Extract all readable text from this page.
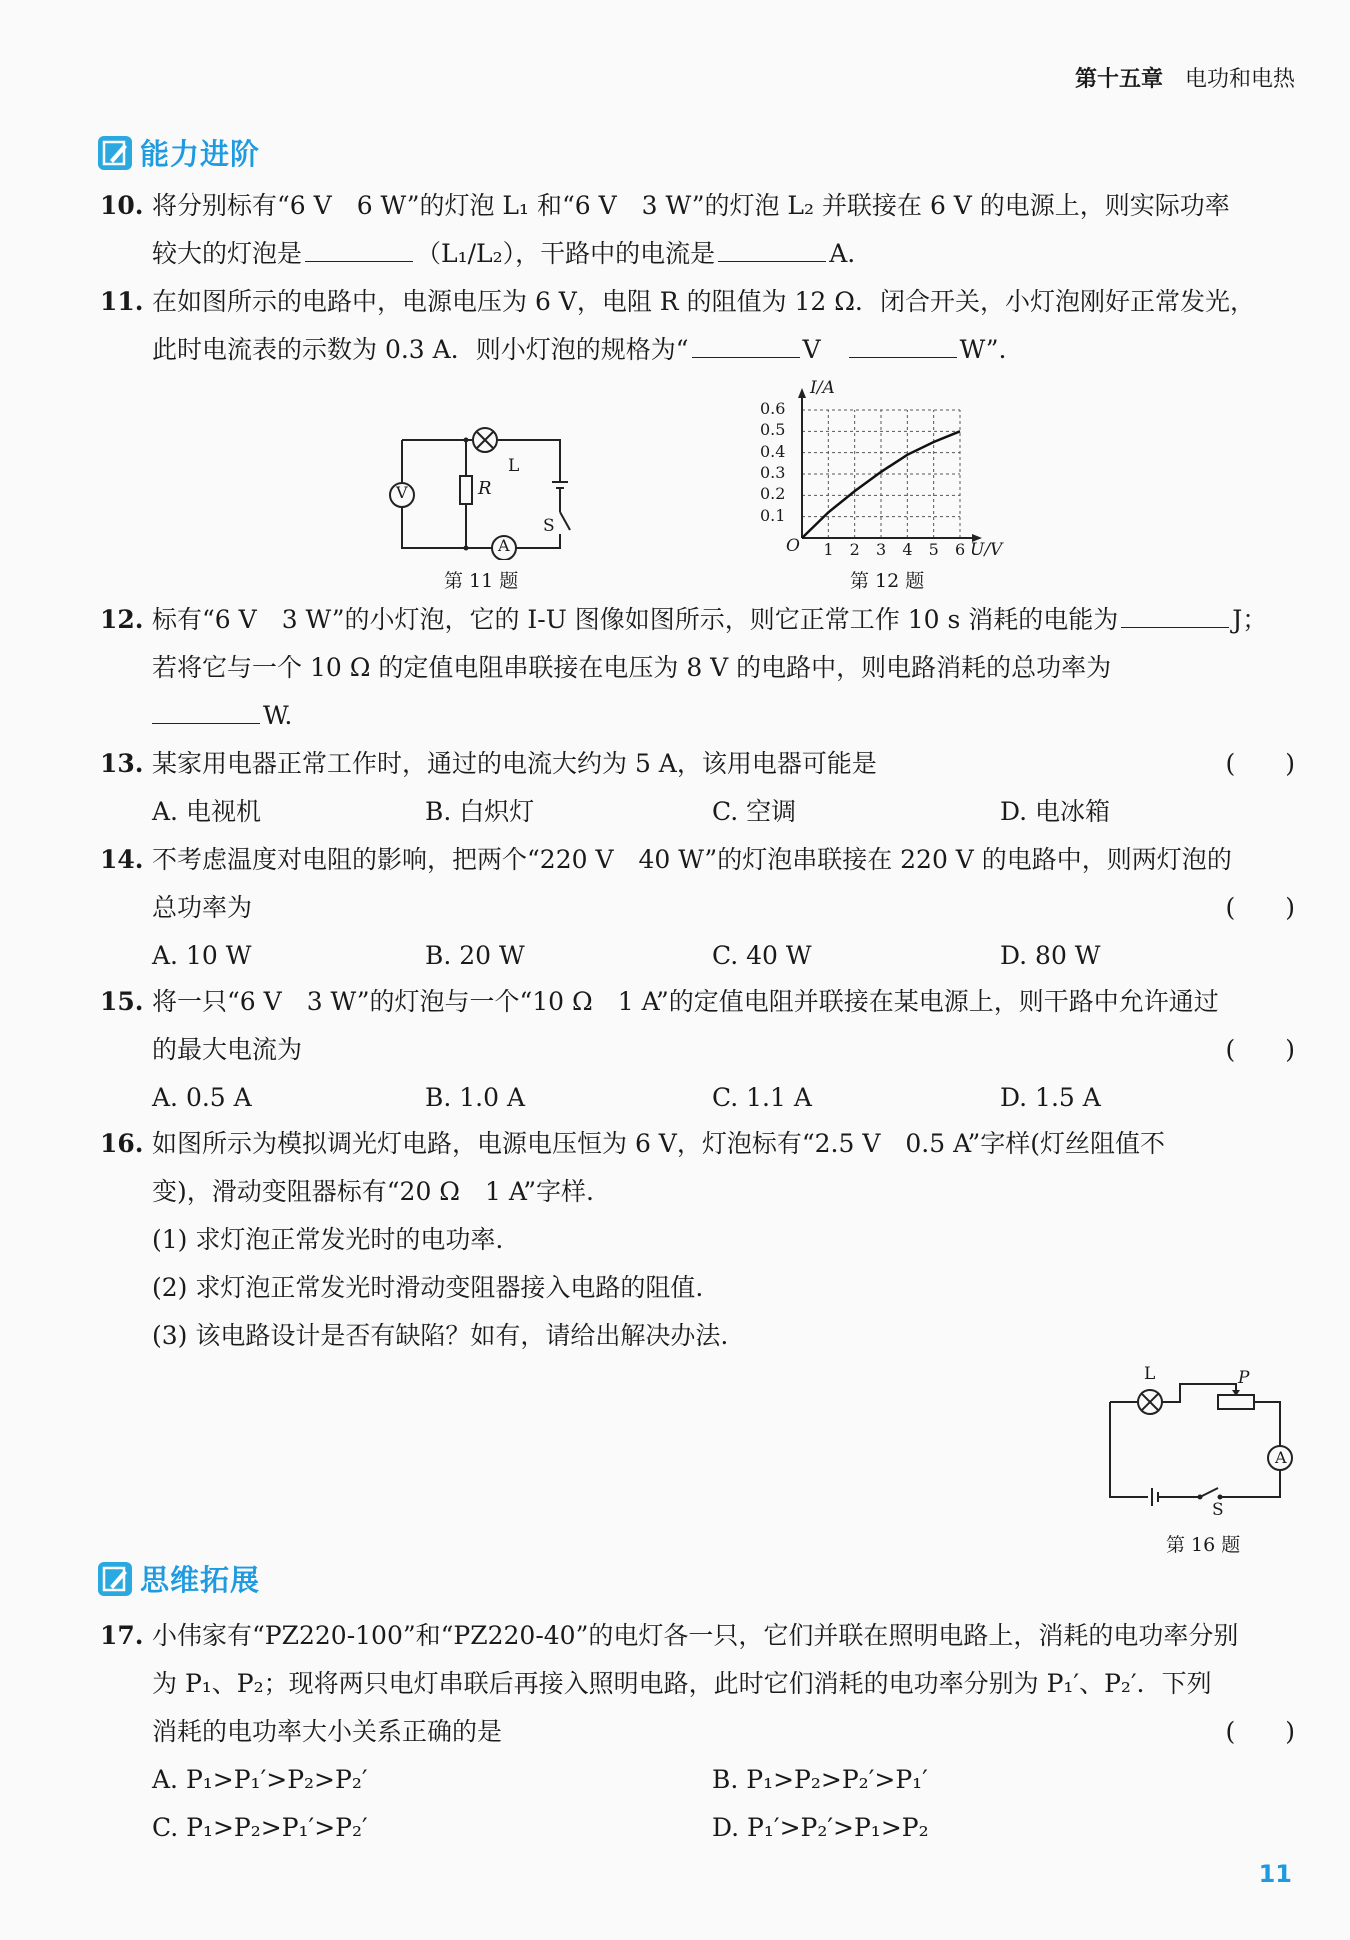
第十五章 电功和电热
能力进阶
10. 将分别标有“6 V　6 W”的灯泡 L₁ 和“6 V　3 W”的灯泡 L₂ 并联接在 6 V 的电源上，则实际功率
较大的灯泡是	（L₁/L₂），干路中的电流是	A.
11. 在如图所示的电路中，电源电压为 6 V，电阻 R 的阻值为 12 Ω．闭合开关，小灯泡刚好正常发光，
此时电流表的示数为 0.3 A．则小灯泡的规格为“	V　	W”.
V
A
R
L
S
第 11 题
I/A
U/V
O
0.6
0.5
0.4
0.3
0.2
0.1
1 2 3 4 5 6
第 12 题
12. 标有“6 V　3 W”的小灯泡，它的 I-U 图像如图所示，则它正常工作 10 s 消耗的电能为	J；
若将它与一个 10 Ω 的定值电阻串联接在电压为 8 V 的电路中，则电路消耗的总功率为
W.
13. 某家用电器正常工作时，通过的电流大约为 5 A，该用电器可能是	(　　)
A. 电视机	B. 白炽灯	C. 空调	D. 电冰箱
14. 不考虑温度对电阻的影响，把两个“220 V　40 W”的灯泡串联接在 220 V 的电路中，则两灯泡的
总功率为	(　　)
A. 10 W	B. 20 W	C. 40 W	D. 80 W
15. 将一只“6 V　3 W”的灯泡与一个“10 Ω　1 A”的定值电阻并联接在某电源上，则干路中允许通过
的最大电流为	(　　)
A. 0.5 A	B. 1.0 A	C. 1.1 A	D. 1.5 A
16. 如图所示为模拟调光灯电路，电源电压恒为 6 V，灯泡标有“2.5 V　0.5 A”字样(灯丝阻值不
变)，滑动变阻器标有“20 Ω　1 A”字样.
(1) 求灯泡正常发光时的电功率.
(2) 求灯泡正常发光时滑动变阻器接入电路的阻值.
(3) 该电路设计是否有缺陷？如有，请给出解决办法.
L	P
A
S
第 16 题
思维拓展
17. 小伟家有“PZ220-100”和“PZ220-40”的电灯各一只，它们并联在照明电路上，消耗的电功率分别
为 P₁、P₂；现将两只电灯串联后再接入照明电路，此时它们消耗的电功率分别为 P₁′、P₂′．下列
消耗的电功率大小关系正确的是	(　　)
A. P₁>P₁′>P₂>P₂′	B. P₁>P₂>P₂′>P₁′
C. P₁>P₂>P₁′>P₂′	D. P₁′>P₂′>P₁>P₂
11
